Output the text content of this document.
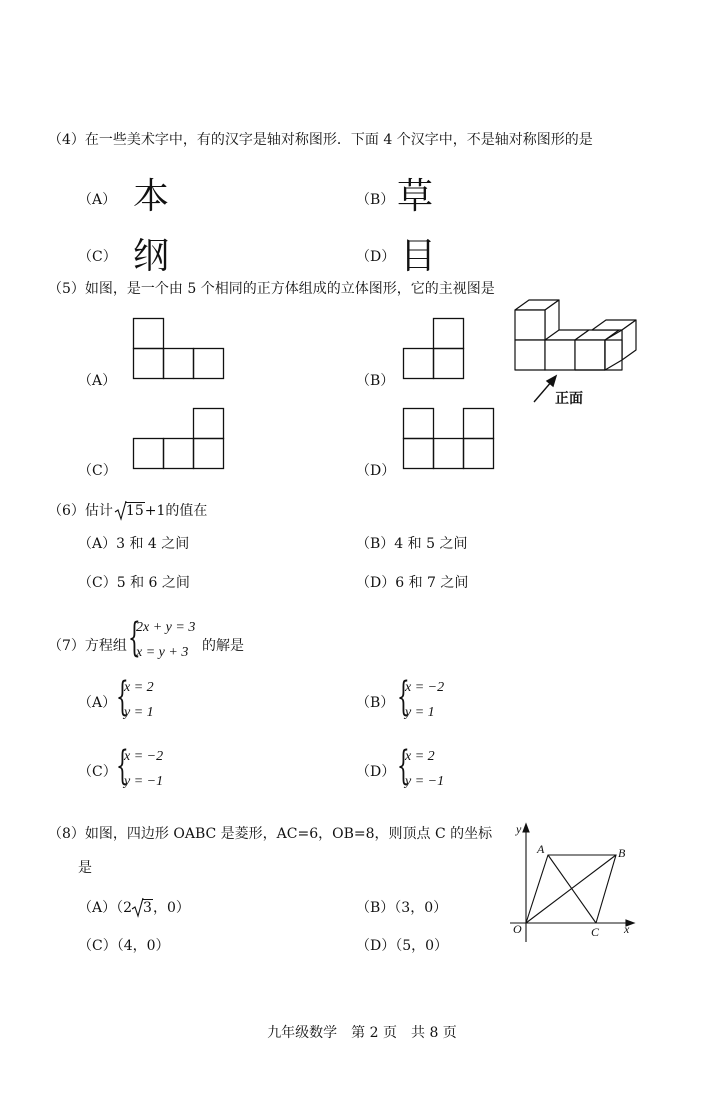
（4）在一些美术字中，有的汉字是轴对称图形．下面 4 个汉字中，不是轴对称图形的是
（A） 本	（B） 草
（C） 纲	（D） 目
（5）如图，是一个由 5 个相同的正方体组成的立体图形，它的主视图是
（A）	（B）
（C）	（D）
正面
（6）估计 15+1的值在
（A）3 和 4 之间	（B）4 和 5 之间
（C）5 和 6 之间	（D）6 和 7 之间
（7）方程组 {
2x + y = 3
x = y + 3 的解是
（A） {
x = 2
y = 1
（B） {
x = −2
y = 1
（C） {
x = −2
y = −1
（D） {
x = 2
y = −1
（8）如图，四边形 OABC 是菱形，AC=6，OB=8，则顶点 C 的坐标
是
（A）（2 3，0）	（B）（3，0）
（C）（4，0）	（D）（5，0）
y
x
O
A	B
C
九年级数学　第 2 页　共 8 页
